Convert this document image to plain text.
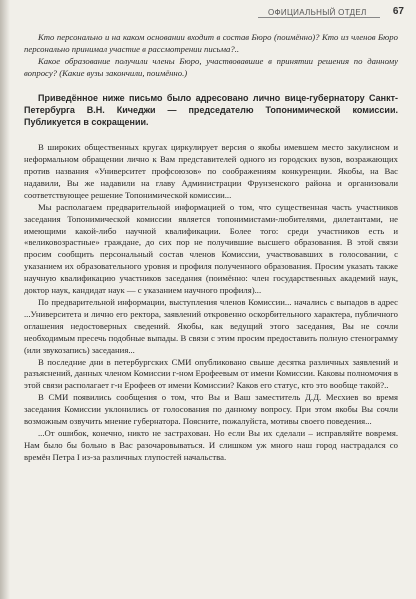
ОФИЦИАЛЬНЫЙ ОТДЕЛ	67

Кто персонально и на каком основании входит в состав Бюро (поимённо)? Кто из членов Бюро персонально принимал участие в рассмотрении письма?..

Какое образование получили члены Бюро, участвовавшие в принятии решения по данному вопросу? (Какие вузы закончили, поимённо.)

Приведённое ниже письмо было адресовано лично вице-губернатору Санкт-Петербурга В.Н. Кичеджи — председателю Топонимической комиссии. Публикуется в сокращении.

В широких общественных кругах циркулирует версия о якобы имевшем место закулисном и неформальном обращении лично к Вам представителей одного из городских вузов, возражающих против названия «Университет профсоюзов» по соображениям конкуренции. Якобы, на Вас надавили, Вы же надавили на главу Администрации Фрунзенского района и организовали соответствующее решение Топонимической комиссии...

Мы располагаем предварительной информацией о том, что существенная часть участников заседания Топонимической комиссии является топонимистами-любителями, дилетантами, не имеющими какой-либо научной квалификации. Более того: среди участников есть и «великовозрастные» граждане, до сих пор не получившие высшего образования. В этой связи просим сообщить персональный состав членов Комиссии, участвовавших в голосовании, с указанием их образовательного уровня и профиля полученного образования. Просим указать также научную квалификацию участников заседания (поимённо: член государственных академий наук, доктор наук, кандидат наук — с указанием научного профиля)...

По предварительной информации, выступления членов Комиссии... начались с выпадов в адрес ...Университета и лично его ректора, заявлений откровенно оскорбительного характера, публичного оглашения недостоверных сведений. Якобы, как ведущий этого заседания, Вы не сочли необходимым пресечь подобные выпады. В связи с этим просим предоставить полную стенограмму (или звукозапись) заседания...

В последние дни в петербургских СМИ опубликовано свыше десятка различных заявлений и разъяснений, данных членом Комиссии г-ном Ерофеевым от имени Комиссии. Каковы полномочия в этой связи располагает г-н Ерофеев от имени Комиссии? Каков его статус, кто это вообще такой?..

В СМИ появились сообщения о том, что Вы и Ваш заместитель Д.Д. Месхиев во время заседания Комиссии уклонились от голосования по данному вопросу. При этом якобы Вы сочли возможным озвучить мнение губернатора. Поясните, пожалуйста, мотивы своего поведения...

...От ошибок, конечно, никто не застрахован. Но если Вы их сделали – исправляйте вовремя. Нам было бы больно в Вас разочаровываться. И слишком уж много наш город настрадался со времён Петра I из-за различных глупостей начальства.
